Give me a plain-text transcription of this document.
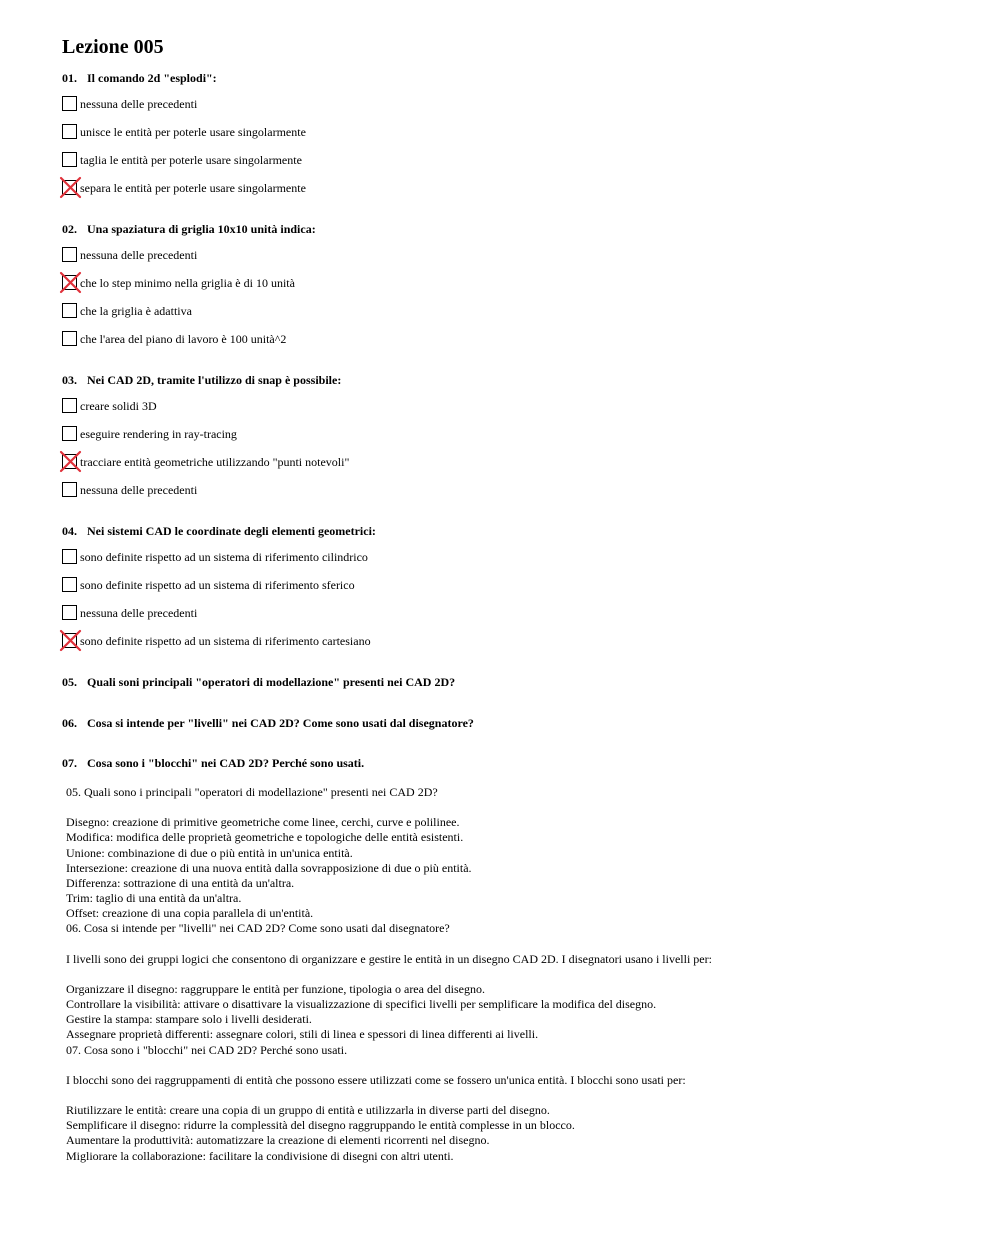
Lezione 005
01. Il comando 2d "esplodi":
nessuna delle precedenti
unisce le entità per poterle usare singolarmente
taglia le entità per poterle usare singolarmente
separa le entità per poterle usare singolarmente
02. Una spaziatura di griglia 10x10 unità indica:
nessuna delle precedenti
che lo step minimo nella griglia è di 10 unità
che la griglia è adattiva
che l'area del piano di lavoro è 100 unità^2
03. Nei CAD 2D, tramite l'utilizzo di snap è possibile:
creare solidi 3D
eseguire rendering in ray-tracing
tracciare entità geometriche utilizzando "punti notevoli"
nessuna delle precedenti
04. Nei sistemi CAD le coordinate degli elementi geometrici:
sono definite rispetto ad un sistema di riferimento cilindrico
sono definite rispetto ad un sistema di riferimento sferico
nessuna delle precedenti
sono definite rispetto ad un sistema di riferimento cartesiano
05. Quali soni principali "operatori di modellazione" presenti nei CAD 2D?
06. Cosa si intende per "livelli" nei CAD 2D? Come sono usati dal disegnatore?
07. Cosa sono i "blocchi" nei CAD 2D? Perché sono usati.
05. Quali sono i principali "operatori di modellazione" presenti nei CAD 2D?
Disegno: creazione di primitive geometriche come linee, cerchi, curve e polilinee.
Modifica: modifica delle proprietà geometriche e topologiche delle entità esistenti.
Unione: combinazione di due o più entità in un'unica entità.
Intersezione: creazione di una nuova entità dalla sovrapposizione di due o più entità.
Differenza: sottrazione di una entità da un'altra.
Trim: taglio di una entità da un'altra.
Offset: creazione di una copia parallela di un'entità.
06. Cosa si intende per "livelli" nei CAD 2D? Come sono usati dal disegnatore?
I livelli sono dei gruppi logici che consentono di organizzare e gestire le entità in un disegno CAD 2D. I disegnatori usano i livelli per:
Organizzare il disegno: raggruppare le entità per funzione, tipologia o area del disegno.
Controllare la visibilità: attivare o disattivare la visualizzazione di specifici livelli per semplificare la modifica del disegno.
Gestire la stampa: stampare solo i livelli desiderati.
Assegnare proprietà differenti: assegnare colori, stili di linea e spessori di linea differenti ai livelli.
07. Cosa sono i "blocchi" nei CAD 2D? Perché sono usati.
I blocchi sono dei raggruppamenti di entità che possono essere utilizzati come se fossero un'unica entità. I blocchi sono usati per:
Riutilizzare le entità: creare una copia di un gruppo di entità e utilizzarla in diverse parti del disegno.
Semplificare il disegno: ridurre la complessità del disegno raggruppando le entità complesse in un blocco.
Aumentare la produttività: automatizzare la creazione di elementi ricorrenti nel disegno.
Migliorare la collaborazione: facilitare la condivisione di disegni con altri utenti.
